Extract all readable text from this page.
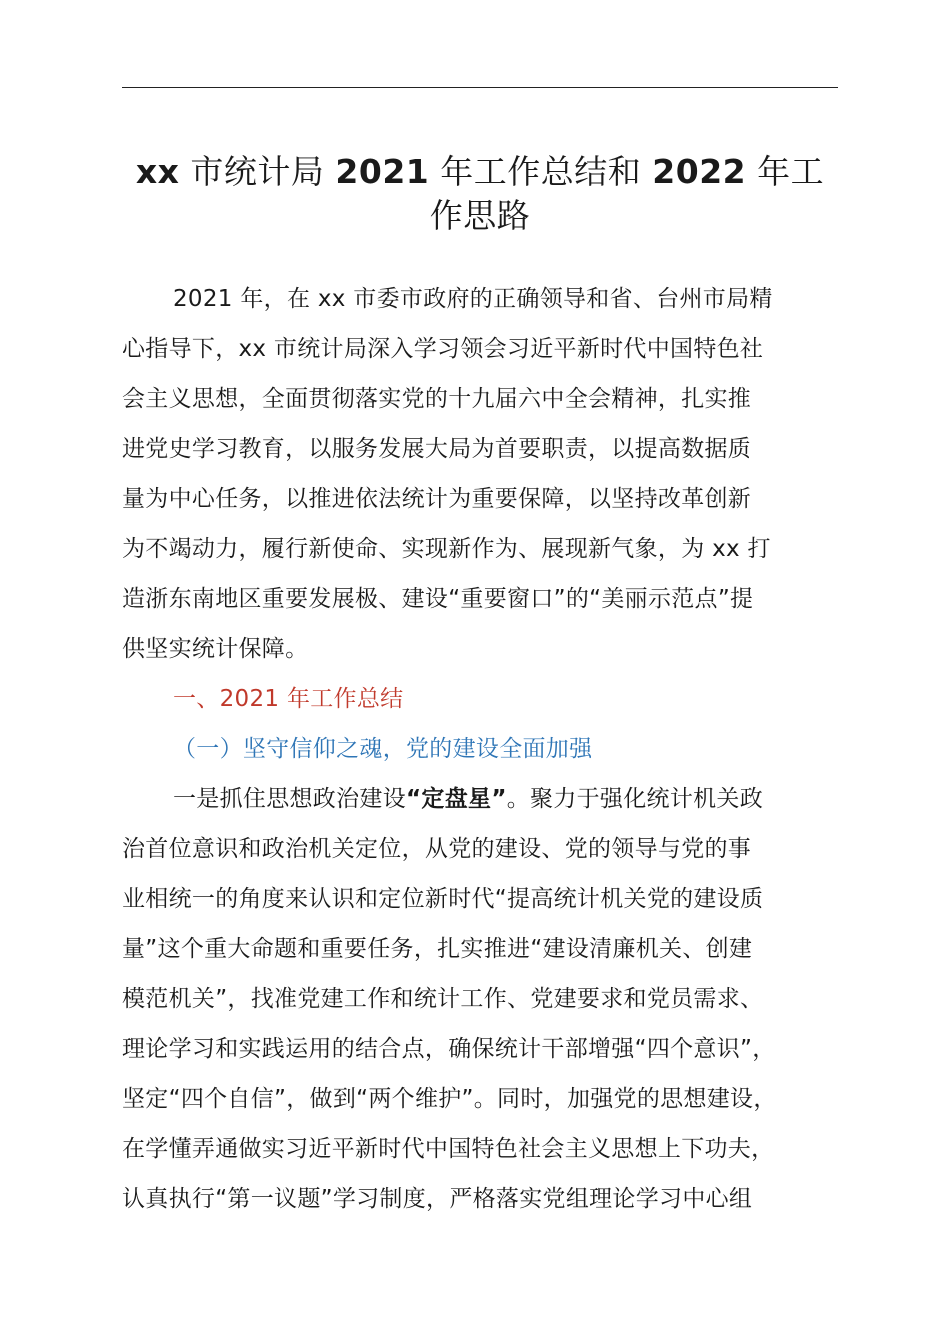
xx 市统计局 2021 年工作总结和 2022 年工
作思路
2021 年，在 xx 市委市政府的正确领导和省、台州市局精
心指导下，xx 市统计局深入学习领会习近平新时代中国特色社
会主义思想，全面贯彻落实党的十九届六中全会精神，扎实推
进党史学习教育，以服务发展大局为首要职责，以提高数据质
量为中心任务，以推进依法统计为重要保障，以坚持改革创新
为不竭动力，履行新使命、实现新作为、展现新气象，为 xx 打
造浙东南地区重要发展极、建设“重要窗口”的“美丽示范点”提
供坚实统计保障。
一、2021 年工作总结
（一）坚守信仰之魂，党的建设全面加强
一是抓住思想政治建设“定盘星”。聚力于强化统计机关政
治首位意识和政治机关定位，从党的建设、党的领导与党的事
业相统一的角度来认识和定位新时代“提高统计机关党的建设质
量”这个重大命题和重要任务，扎实推进“建设清廉机关、创建
模范机关”，找准党建工作和统计工作、党建要求和党员需求、
理论学习和实践运用的结合点，确保统计干部增强“四个意识”，
坚定“四个自信”，做到“两个维护”。同时，加强党的思想建设，
在学懂弄通做实习近平新时代中国特色社会主义思想上下功夫，
认真执行“第一议题”学习制度，严格落实党组理论学习中心组
